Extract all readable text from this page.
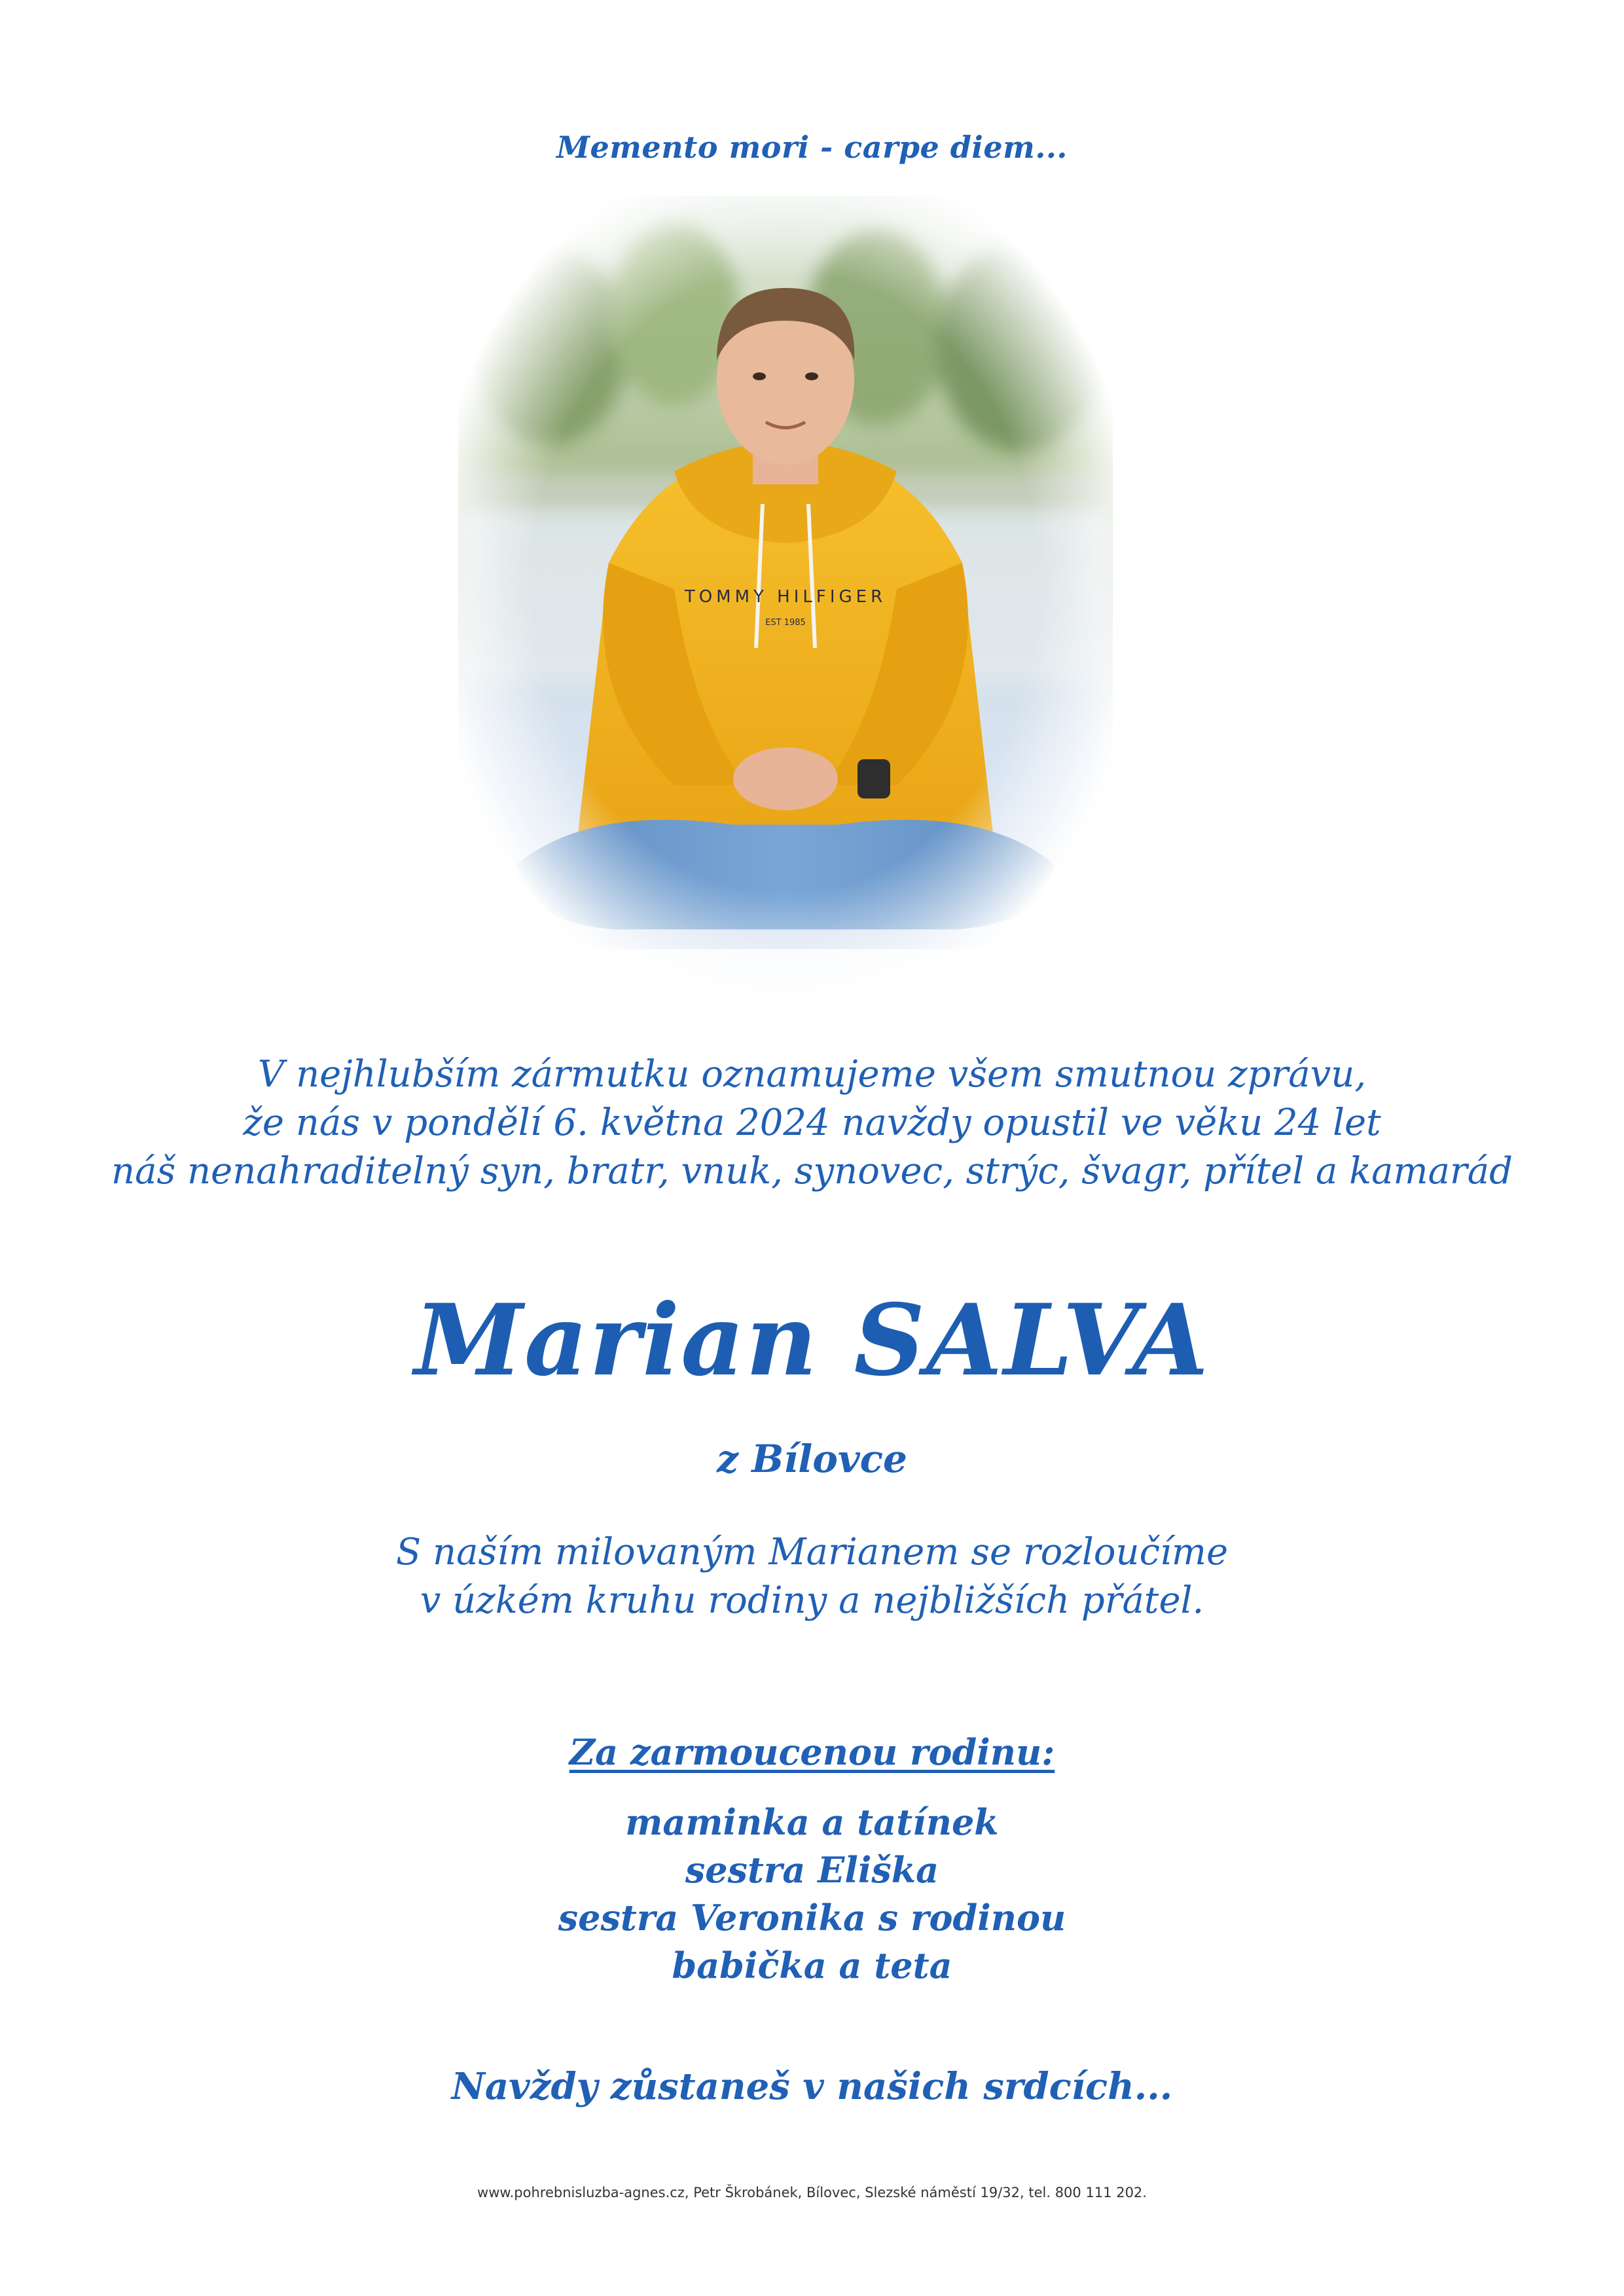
Memento mori - carpe diem...
V nejhlubším zármutku oznamujeme všem smutnou zprávu,
že nás v pondělí 6. května 2024 navždy opustil ve věku 24 let
náš nenahraditelný syn, bratr, vnuk, synovec, strýc, švagr, přítel a kamarád
Marian SALVA
z Bílovce
S naším milovaným Marianem se rozloučíme
v úzkém kruhu rodiny a nejbližších přátel.
Za zarmoucenou rodinu:
maminka a tatínek
sestra Eliška
sestra Veronika s rodinou
babička a teta
Navždy zůstaneš v našich srdcích...
www.pohrebnisluzba-agnes.cz, Petr Škrobánek, Bílovec, Slezské náměstí 19/32, tel. 800 111 202.
